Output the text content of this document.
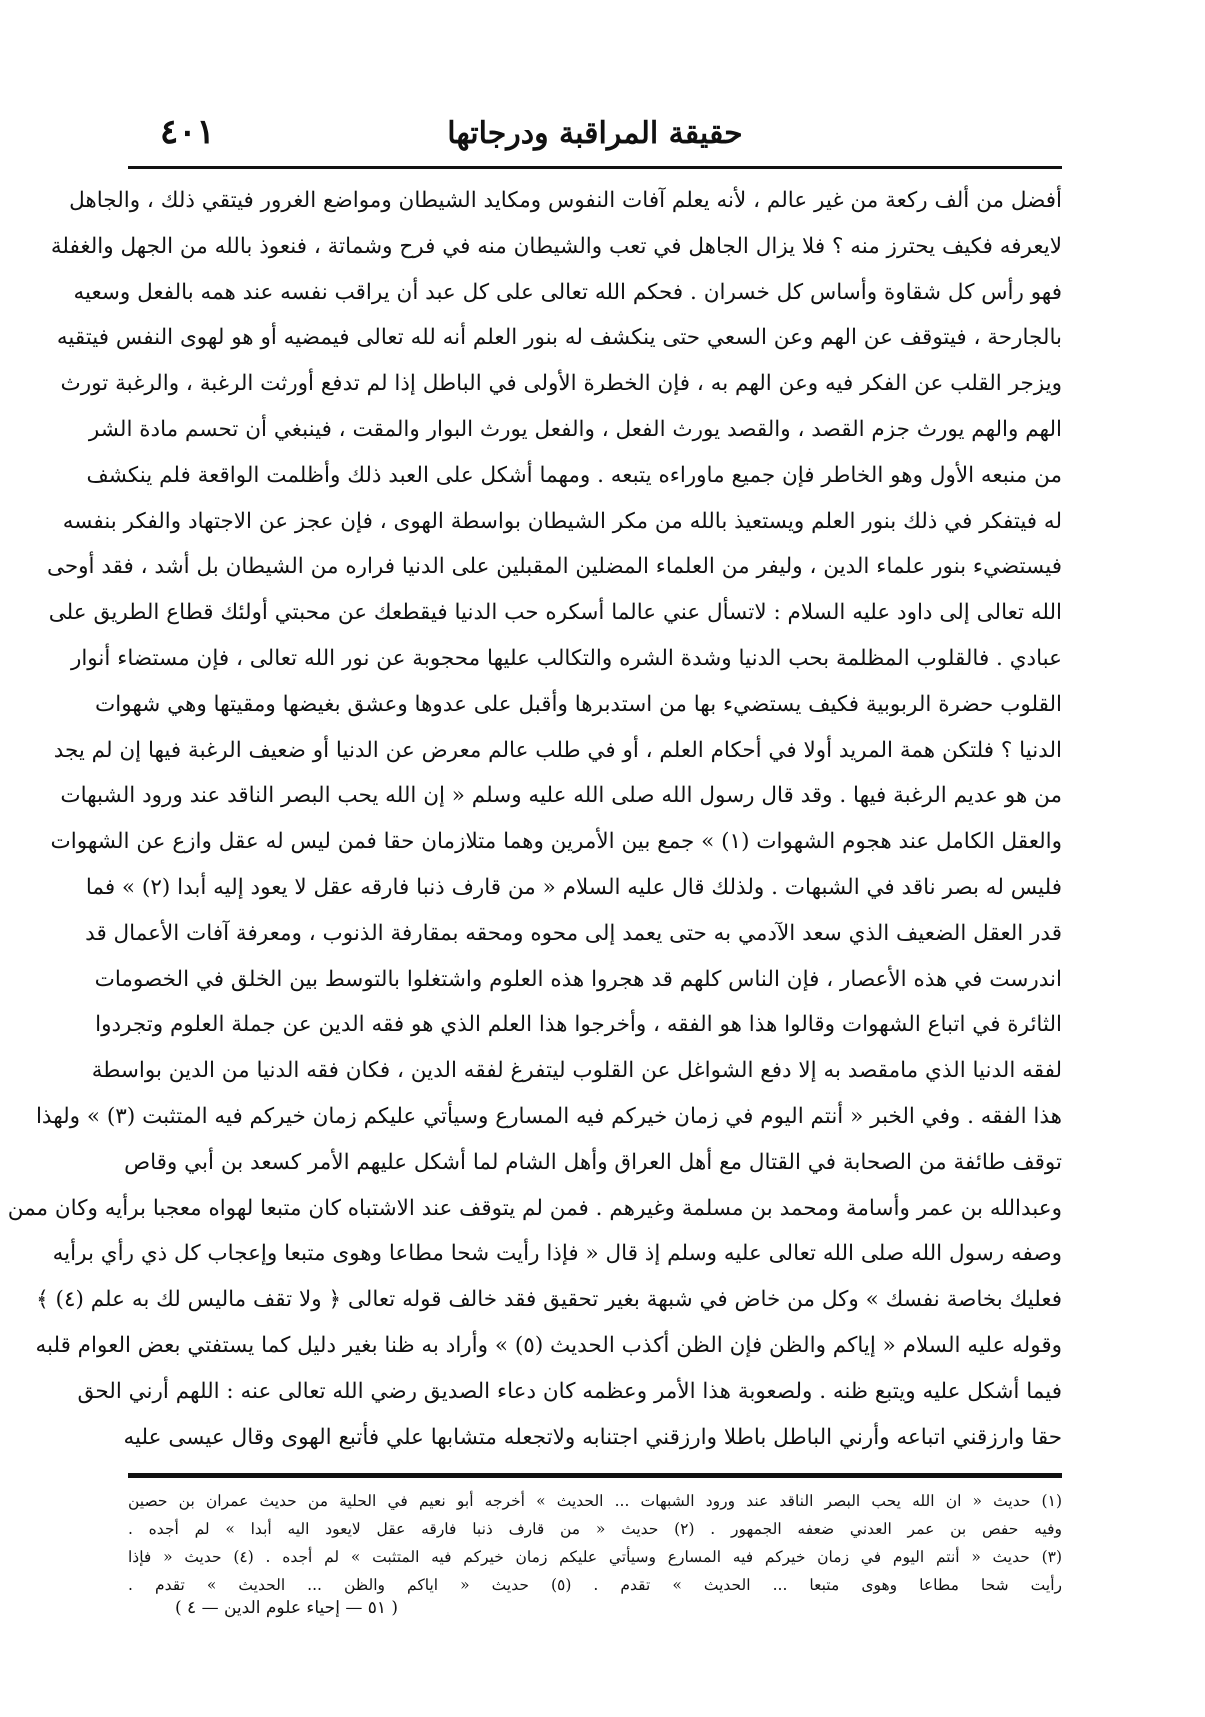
حقيقة المراقبة ودرجاتها
٤٠١
أفضل من ألف ركعة من غير عالم ، لأنه يعلم آفات النفوس ومكايد الشيطان ومواضع الغرور فيتقي ذلك ، والجاهل
لايعرفه فكيف يحترز منه ؟ فلا يزال الجاهل في تعب والشيطان منه في فرح وشماتة ، فنعوذ بالله من الجهل والغفلة
فهو رأس كل شقاوة وأساس كل خسران . فحكم الله تعالى على كل عبد أن يراقب نفسه عند همه بالفعل وسعيه
بالجارحة ، فيتوقف عن الهم وعن السعي حتى ينكشف له بنور العلم أنه لله تعالى فيمضيه أو هو لهوى النفس فيتقيه
ويزجر القلب عن الفكر فيه وعن الهم به ، فإن الخطرة الأولى في الباطل إذا لم تدفع أورثت الرغبة ، والرغبة تورث
الهم والهم يورث جزم القصد ، والقصد يورث الفعل ، والفعل يورث البوار والمقت ، فينبغي أن تحسم مادة الشر
من منبعه الأول وهو الخاطر فإن جميع ماوراءه يتبعه . ومهما أشكل على العبد ذلك وأظلمت الواقعة فلم ينكشف
له فيتفكر في ذلك بنور العلم ويستعيذ بالله من مكر الشيطان بواسطة الهوى ، فإن عجز عن الاجتهاد والفكر بنفسه
فيستضيء بنور علماء الدين ، وليفر من العلماء المضلين المقبلين على الدنيا فراره من الشيطان بل أشد ، فقد أوحى
الله تعالى إلى داود عليه السلام : لاتسأل عني عالما أسكره حب الدنيا فيقطعك عن محبتي أولئك قطاع الطريق على
عبادي . فالقلوب المظلمة بحب الدنيا وشدة الشره والتكالب عليها محجوبة عن نور الله تعالى ، فإن مستضاء أنوار
القلوب حضرة الربوبية فكيف يستضيء بها من استدبرها وأقبل على عدوها وعشق بغيضها ومقيتها وهي شهوات
الدنيا ؟ فلتكن همة المريد أولا في أحكام العلم ، أو في طلب عالم معرض عن الدنيا أو ضعيف الرغبة فيها إن لم يجد
من هو عديم الرغبة فيها . وقد قال رسول الله صلى الله عليه وسلم « إن الله يحب البصر الناقد عند ورود الشبهات
والعقل الكامل عند هجوم الشهوات (١) » جمع بين الأمرين وهما متلازمان حقا فمن ليس له عقل وازع عن الشهوات
فليس له بصر ناقد في الشبهات . ولذلك قال عليه السلام « من قارف ذنبا فارقه عقل لا يعود إليه أبدا (٢) » فما
قدر العقل الضعيف الذي سعد الآدمي به حتى يعمد إلى محوه ومحقه بمقارفة الذنوب ، ومعرفة آفات الأعمال قد
اندرست في هذه الأعصار ، فإن الناس كلهم قد هجروا هذه العلوم واشتغلوا بالتوسط بين الخلق في الخصومات
الثائرة في اتباع الشهوات وقالوا هذا هو الفقه ، وأخرجوا هذا العلم الذي هو فقه الدين عن جملة العلوم وتجردوا
لفقه الدنيا الذي مامقصد به إلا دفع الشواغل عن القلوب ليتفرغ لفقه الدين ، فكان فقه الدنيا من الدين بواسطة
هذا الفقه . وفي الخبر « أنتم اليوم في زمان خيركم فيه المسارع وسيأتي عليكم زمان خيركم فيه المتثبت (٣) » ولهذا
توقف طائفة من الصحابة في القتال مع أهل العراق وأهل الشام لما أشكل عليهم الأمر كسعد بن أبي وقاص
وعبدالله بن عمر وأسامة ومحمد بن مسلمة وغيرهم . فمن لم يتوقف عند الاشتباه كان متبعا لهواه معجبا برأيه وكان ممن
وصفه رسول الله صلى الله تعالى عليه وسلم إذ قال « فإذا رأيت شحا مطاعا وهوى متبعا وإعجاب كل ذي رأي برأيه
فعليك بخاصة نفسك » وكل من خاض في شبهة بغير تحقيق فقد خالف قوله تعالى ﴿ ولا تقف ماليس لك به علم (٤) ﴾
وقوله عليه السلام « إياكم والظن فإن الظن أكذب الحديث (٥) » وأراد به ظنا بغير دليل كما يستفتي بعض العوام قلبه
فيما أشكل عليه ويتبع ظنه . ولصعوبة هذا الأمر وعظمه كان دعاء الصديق رضي الله تعالى عنه : اللهم أرني الحق
حقا وارزقني اتباعه وأرني الباطل باطلا وارزقني اجتنابه ولاتجعله متشابها علي فأتبع الهوى وقال عيسى عليه
(١) حديث « ان الله يحب البصر الناقد عند ورود الشبهات ... الحديث » أخرجه أبو نعيم في الحلية من حديث عمران بن حصين
وفيه حفص بن عمر العدني ضعفه الجمهور . (٢) حديث « من قارف ذنبا فارقه عقل لايعود اليه أبدا » لم أجده .
(٣) حديث « أنتم اليوم في زمان خيركم فيه المسارع وسيأتي عليكم زمان خيركم فيه المتثبت » لم أجده . (٤) حديث « فإذا
رأيت شحا مطاعا وهوى متبعا ... الحديث » تقدم . (٥) حديث « اياكم والظن ... الحديث » تقدم .
( ٥١ — إحياء علوم الدين — ٤ )
